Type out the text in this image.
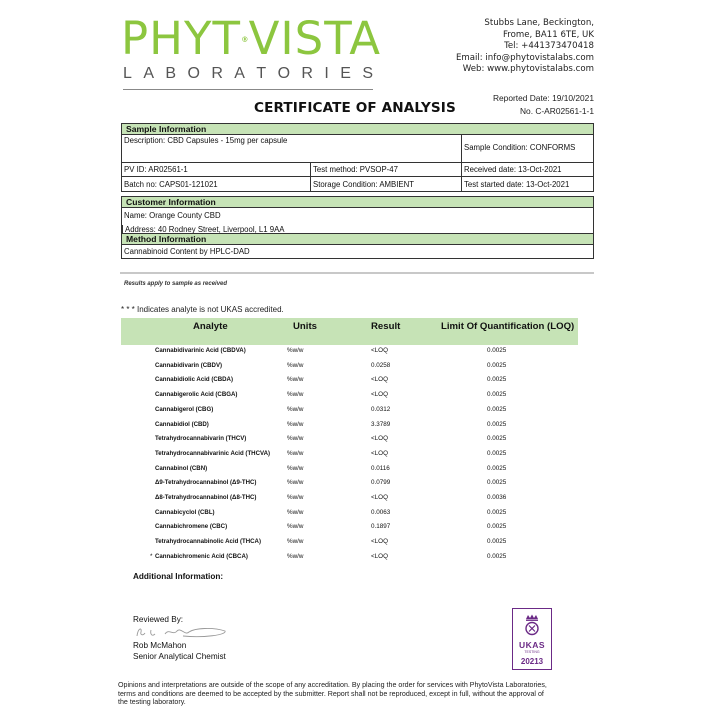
PHYT VISTA
L A B O R A T O R I E S
Stubbs Lane, Beckington,
Frome, BA11 6TE, UK
Tel: +441373470418
Email: info@phytovistalabs.com
Web: www.phytovistalabs.com
Reported Date: 19/10/2021
No. C-AR02561-1-1
CERTIFICATE OF ANALYSIS
Sample Information
Description: CBD Capsules - 15mg per capsule
Sample Condition: CONFORMS
PV ID: AR02561-1	Test method: PVSOP-47	Received date: 13-Oct-2021
Batch no: CAPS01-121021	Storage Condition: AMBIENT	Test started date: 13-Oct-2021
Customer Information
Name: Orange County CBD
Address: 40 Rodney Street, Liverpool, L1 9AA
Method Information
Cannabinoid Content by HPLC-DAD
Results apply to sample as received
* * * Indicates analyte is not UKAS accredited.
Analyte	Units	Result	Limit Of Quantification (LOQ)
Cannabidivarinic Acid (CBDVA)	%w/w	<LOQ	0.0025
Cannabidivarin (CBDV)	%w/w	0.0258	0.0025
Cannabidiolic Acid (CBDA)	%w/w	<LOQ	0.0025
Cannabigerolic Acid (CBGA)	%w/w	<LOQ	0.0025
Cannabigerol (CBG)	%w/w	0.0312	0.0025
Cannabidiol (CBD)	%w/w	3.3789	0.0025
Tetrahydrocannabivarin (THCV)	%w/w	<LOQ	0.0025
Tetrahydrocannabivarinic Acid (THCVA)	%w/w	<LOQ	0.0025
Cannabinol (CBN)	%w/w	0.0116	0.0025
Δ9-Tetrahydrocannabinol (Δ9-THC)	%w/w	0.0799	0.0025
Δ8-Tetrahydrocannabinol (Δ8-THC)	%w/w	<LOQ	0.0036
Cannabicyclol (CBL)	%w/w	0.0063	0.0025
Cannabichromene (CBC)	%w/w	0.1897	0.0025
Tetrahydrocannabinolic Acid (THCA)	%w/w	<LOQ	0.0025
* Cannabichromenic Acid (CBCA)	%w/w	<LOQ	0.0025
Additional Information:
Reviewed By:
Rob McMahon
Senior Analytical Chemist
UKAS
TESTING
20213
Opinions and interpretations are outside of the scope of any accreditation. By placing the order for services with PhytoVista Laboratories, terms and conditions are deemed to be accepted by the submitter. Report shall not be reproduced, except in full, without the approval of the testing laboratory.
